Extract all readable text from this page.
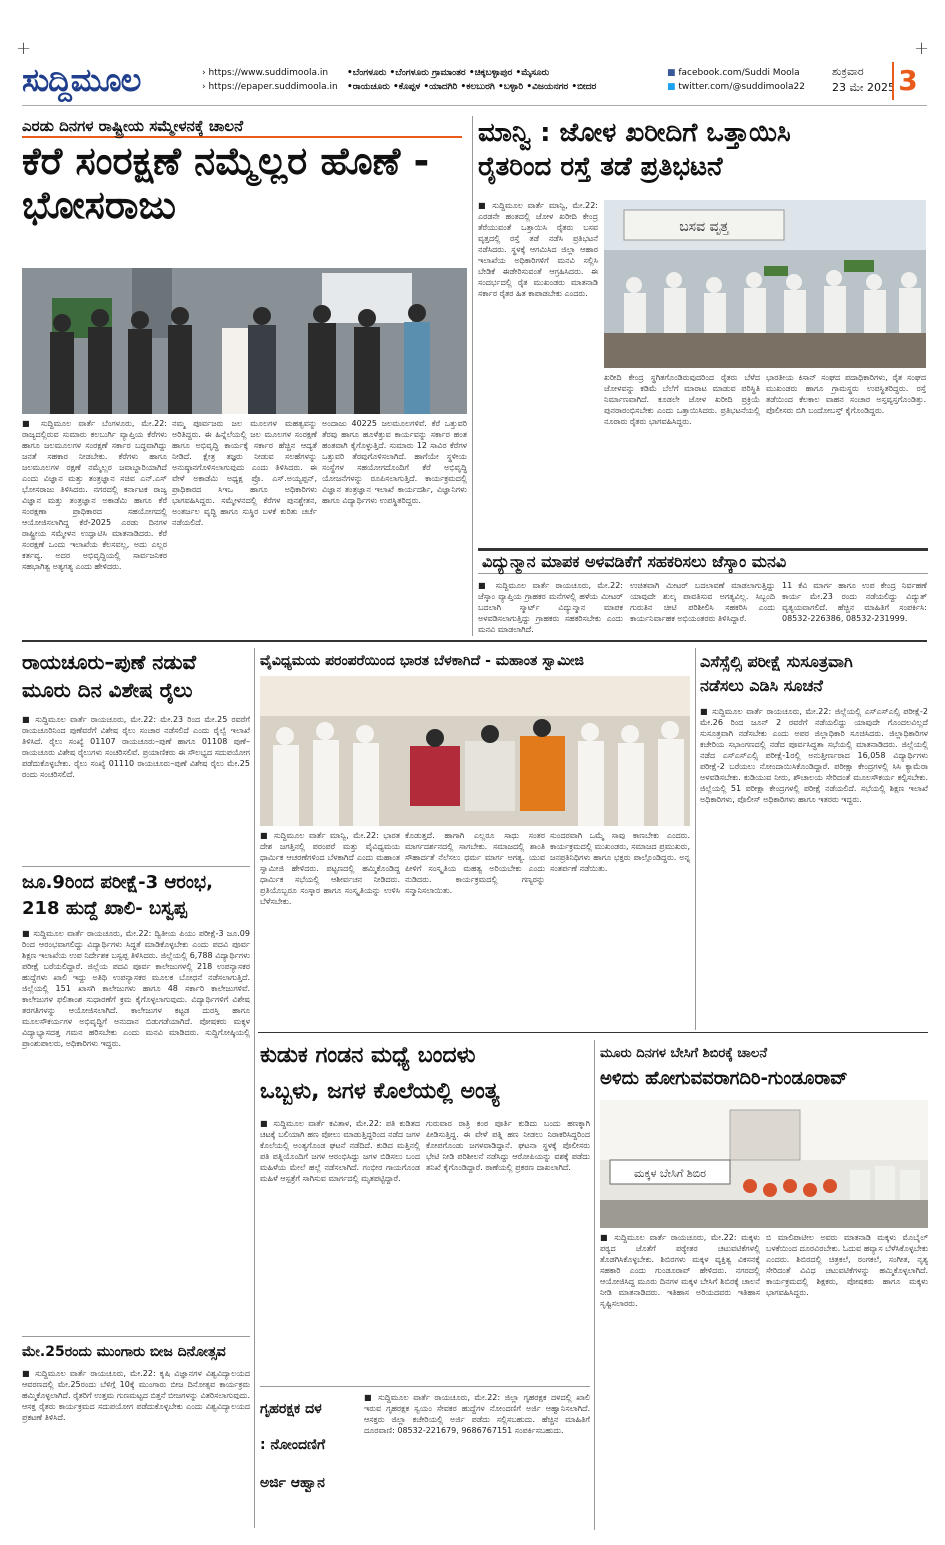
+	+
ಸುದ್ದಿಮೂಲ	› https://www.suddimoola.in
› https://epaper.suddimoola.in
•ಬೆಂಗಳೂರು •ಬೆಂಗಳೂರು ಗ್ರಾಮಾಂತರ •ಚಿಕ್ಕಬಳ್ಳಾಪುರ •ಮೈಸೂರು
•ರಾಯಚೂರು •ಕೊಪ್ಪಳ •ಯಾದಗಿರಿ •ಕಲಬುರಗಿ •ಬಳ್ಳಾರಿ •ವಿಜಯನಗರ •ಬೀದರ
■ facebook.com/Suddi Moola
■ twitter.com/@suddimoola22
ಶುಕ್ರವಾರ
23 ಮೇ 2025 3
ಎರಡು ದಿನಗಳ ರಾಷ್ಟ್ರೀಯ ಸಮ್ಮೇಳನಕ್ಕೆ ಚಾಲನೆ
ಕೆರೆ ಸಂರಕ್ಷಣೆ ನಮ್ಮೆಲ್ಲರ ಹೊಣೆ - ಭೋಸರಾಜು
■ ಸುದ್ದಿಮೂಲ ವಾರ್ತೆ ಬೆಂಗಳೂರು, ಮೇ.22: ರಾಜ್ಯದಲ್ಲಿರುವ ಸುಮಾರು ಕಲಬುರ್ಗಿ ವ್ಯಾಪ್ತಿಯ ಕೆರೆಗಳು ಹಾಗೂ ಜಲಮೂಲಗಳ ಸಂರಕ್ಷಣೆ ಸರ್ಕಾರ ಬದ್ಧವಾಗಿದ್ದು ಜನತೆ ಸಹಕಾರ ನೀಡಬೇಕು. ಕೆರೆಗಳು ಹಾಗೂ ಜಲಮೂಲಗಳ ರಕ್ಷಣೆ ನಮ್ಮೆಲ್ಲರ ಜವಾಬ್ದಾರಿಯಾಗಿದೆ ಎಂದು ವಿಜ್ಞಾನ ಮತ್ತು ತಂತ್ರಜ್ಞಾನ ಸಚಿವ ಎನ್.ಎಸ್ ಭೋಸರಾಜು ತಿಳಿಸಿದರು. ನಗರದಲ್ಲಿ ಕರ್ನಾಟಕ ರಾಜ್ಯ ವಿಜ್ಞಾನ ಮತ್ತು ತಂತ್ರಜ್ಞಾನ ಅಕಾಡೆಮಿ ಹಾಗೂ ಕೆರೆ ಸಂರಕ್ಷಣಾ ಪ್ರಾಧಿಕಾರದ ಸಹಯೋಗದಲ್ಲಿ ಆಯೋಜಿಸಲಾಗಿದ್ದ ಕೆರೆ-2025 ಎರಡು ದಿನಗಳ ರಾಷ್ಟ್ರೀಯ ಸಮ್ಮೇಳನ ಉದ್ಘಾಟಿಸಿ ಮಾತನಾಡಿದರು. ಕೆರೆ ಸಂರಕ್ಷಣೆ ಒಂದು ಇಲಾಖೆಯ ಕೆಲಸವಲ್ಲ, ಅದು ಎಲ್ಲರ ಕರ್ತವ್ಯ. ಅದರ ಅಭಿವೃದ್ಧಿಯಲ್ಲಿ ಸಾರ್ವಜನಿಕರ ಸಹಭಾಗಿತ್ವ ಅತ್ಯಗತ್ಯ ಎಂದು ಹೇಳಿದರು.
ನಮ್ಮ ಪೂರ್ವಜರು ಜಲ ಮೂಲಗಳ ಮಹತ್ವವನ್ನು ಅರಿತಿದ್ದರು. ಈ ಹಿನ್ನೆಲೆಯಲ್ಲಿ ಜಲ ಮೂಲಗಳ ಸಂರಕ್ಷಣೆ ಹಾಗೂ ಅಭಿವೃದ್ಧಿ ಕಾರ್ಯಕ್ಕೆ ಸರ್ಕಾರ ಹೆಚ್ಚಿನ ಆದ್ಯತೆ ನೀಡಿದೆ. ಕ್ಷೇತ್ರ ತಜ್ಞರು ನೀಡುವ ಸಲಹೆಗಳನ್ನು ಅನುಷ್ಠಾನಗೊಳಿಸಲಾಗುವುದು ಎಂದು ತಿಳಿಸಿದರು. ಈ ವೇಳೆ ಅಕಾಡೆಮಿ ಅಧ್ಯಕ್ಷ ಪ್ರೊ. ಎಸ್.ಅಯ್ಯಪ್ಪನ್, ಪ್ರಾಧಿಕಾರದ ಸಿಇಒ ಹಾಗೂ ಅಧಿಕಾರಿಗಳು ಭಾಗವಹಿಸಿದ್ದರು. ಸಮ್ಮೇಳನದಲ್ಲಿ ಕೆರೆಗಳ ಪುನಶ್ಚೇತನ, ಅಂತರ್ಜಲ ವೃದ್ಧಿ ಹಾಗೂ ಸುಸ್ಥಿರ ಬಳಕೆ ಕುರಿತು ಚರ್ಚೆ ನಡೆಯಲಿದೆ.
ಅಂದಾಜು 40225 ಜಲಮೂಲಗಳಿವೆ. ಕೆರೆ ಒತ್ತುವರಿ ತೆರವು ಹಾಗೂ ಹೂಳೆತ್ತುವ ಕಾರ್ಯವನ್ನು ಸರ್ಕಾರ ಹಂತ ಹಂತವಾಗಿ ಕೈಗೊಳ್ಳುತ್ತಿದೆ. ಸುಮಾರು 12 ಸಾವಿರ ಕೆರೆಗಳ ಒತ್ತುವರಿ ತೆರವುಗೊಳಿಸಲಾಗಿದೆ. ಹಾಗೆಯೇ ಸ್ಥಳೀಯ ಸಂಸ್ಥೆಗಳ ಸಹಯೋಗದೊಂದಿಗೆ ಕೆರೆ ಅಭಿವೃದ್ಧಿ ಯೋಜನೆಗಳನ್ನು ರೂಪಿಸಲಾಗುತ್ತಿದೆ. ಕಾರ್ಯಕ್ರಮದಲ್ಲಿ ವಿಜ್ಞಾನ ತಂತ್ರಜ್ಞಾನ ಇಲಾಖೆ ಕಾರ್ಯದರ್ಶಿ, ವಿಜ್ಞಾನಿಗಳು ಹಾಗೂ ವಿದ್ಯಾರ್ಥಿಗಳು ಉಪಸ್ಥಿತರಿದ್ದರು.
ಮಾನ್ವಿ : ಜೋಳ ಖರೀದಿಗೆ ಒತ್ತಾಯಿಸಿ
ರೈತರಿಂದ ರಸ್ತೆ ತಡೆ ಪ್ರತಿಭಟನೆ
■ ಸುದ್ದಿಮೂಲ ವಾರ್ತೆ ಮಾನ್ವಿ, ಮೇ.22: ಎರಡನೇ ಹಂತದಲ್ಲಿ ಜೋಳ ಖರೀದಿ ಕೇಂದ್ರ ತೆರೆಯುವಂತೆ ಒತ್ತಾಯಿಸಿ ರೈತರು ಬಸವ ವೃತ್ತದಲ್ಲಿ ರಸ್ತೆ ತಡೆ ನಡೆಸಿ ಪ್ರತಿಭಟನೆ ನಡೆಸಿದರು. ಸ್ಥಳಕ್ಕೆ ಆಗಮಿಸಿದ ಜಿಲ್ಲಾ ಆಹಾರ ಇಲಾಖೆಯ ಅಧಿಕಾರಿಗಳಿಗೆ ಮನವಿ ಸಲ್ಲಿಸಿ ಬೇಡಿಕೆ ಈಡೇರಿಸುವಂತೆ ಆಗ್ರಹಿಸಿದರು. ಈ ಸಂದರ್ಭದಲ್ಲಿ ರೈತ ಮುಖಂಡರು ಮಾತನಾಡಿ ಸರ್ಕಾರ ರೈತರ ಹಿತ ಕಾಪಾಡಬೇಕು ಎಂದರು.
ಬಸವ ವೃತ್ತ
ಖರೀದಿ ಕೇಂದ್ರ ಸ್ಥಗಿತಗೊಂಡಿರುವುದರಿಂದ ರೈತರು ಬೆಳೆದ ಜೋಳವನ್ನು ಕಡಿಮೆ ಬೆಲೆಗೆ ಮಾರಾಟ ಮಾಡುವ ಪರಿಸ್ಥಿತಿ ನಿರ್ಮಾಣವಾಗಿದೆ. ಕೂಡಲೇ ಜೋಳ ಖರೀದಿ ಪ್ರಕ್ರಿಯೆ ಪುನರಾರಂಭಿಸಬೇಕು ಎಂದು ಒತ್ತಾಯಿಸಿದರು. ಪ್ರತಿಭಟನೆಯಲ್ಲಿ ನೂರಾರು ರೈತರು ಭಾಗವಹಿಸಿದ್ದರು.
ಭಾರತೀಯ ಕಿಸಾನ್ ಸಂಘದ ಪದಾಧಿಕಾರಿಗಳು, ರೈತ ಸಂಘದ ಮುಖಂಡರು ಹಾಗೂ ಗ್ರಾಮಸ್ಥರು ಉಪಸ್ಥಿತರಿದ್ದರು. ರಸ್ತೆ ತಡೆಯಿಂದ ಕೆಲಕಾಲ ವಾಹನ ಸಂಚಾರ ಅಸ್ತವ್ಯಸ್ತಗೊಂಡಿತ್ತು. ಪೊಲೀಸರು ಬಿಗಿ ಬಂದೋಬಸ್ತ್ ಕೈಗೊಂಡಿದ್ದರು.
ವಿದ್ಯುನ್ಮಾನ ಮಾಪಕ ಅಳವಡಿಕೆಗೆ ಸಹಕರಿಸಲು ಜೆಸ್ಕಾಂ ಮನವಿ
■ ಸುದ್ದಿಮೂಲ ವಾರ್ತೆ ರಾಯಚೂರು, ಮೇ.22: ಜೆಸ್ಕಾಂ ವ್ಯಾಪ್ತಿಯ ಗ್ರಾಹಕರ ಮನೆಗಳಲ್ಲಿ ಹಳೆಯ ಮೀಟರ್ ಬದಲಾಗಿ ಸ್ಮಾರ್ಟ್ ವಿದ್ಯುನ್ಮಾನ ಮಾಪಕ ಅಳವಡಿಸಲಾಗುತ್ತಿದ್ದು ಗ್ರಾಹಕರು ಸಹಕರಿಸಬೇಕು ಎಂದು ಮನವಿ ಮಾಡಲಾಗಿದೆ.
ಉಚಿತವಾಗಿ ಮೀಟರ್ ಬದಲಾವಣೆ ಮಾಡಲಾಗುತ್ತಿದ್ದು ಯಾವುದೇ ಶುಲ್ಕ ಪಾವತಿಸುವ ಅಗತ್ಯವಿಲ್ಲ. ಸಿಬ್ಬಂದಿ ಗುರುತಿನ ಚೀಟಿ ಪರಿಶೀಲಿಸಿ ಸಹಕರಿಸಿ ಎಂದು ಕಾರ್ಯನಿರ್ವಾಹಕ ಅಭಿಯಂತರರು ತಿಳಿಸಿದ್ದಾರೆ.
11 ಕೆವಿ ಮಾರ್ಗ ಹಾಗೂ ಉಪ ಕೇಂದ್ರ ನಿರ್ವಹಣೆ ಕಾರ್ಯ ಮೇ.23 ರಂದು ನಡೆಯಲಿದ್ದು ವಿದ್ಯುತ್ ವ್ಯತ್ಯಯವಾಗಲಿದೆ. ಹೆಚ್ಚಿನ ಮಾಹಿತಿಗೆ ಸಂಪರ್ಕಿಸಿ: 08532-226386, 08532-231999.
ರಾಯಚೂರು–ಪುಣೆ ನಡುವೆ
ಮೂರು ದಿನ ವಿಶೇಷ ರೈಲು
■ ಸುದ್ದಿಮೂಲ ವಾರ್ತೆ ರಾಯಚೂರು, ಮೇ.22: ಮೇ.23 ರಿಂದ ಮೇ.25 ರವರೆಗೆ ರಾಯಚೂರಿನಿಂದ ಪುಣೆವರೆಗೆ ವಿಶೇಷ ರೈಲು ಸಂಚಾರ ನಡೆಸಲಿದೆ ಎಂದು ರೈಲ್ವೆ ಇಲಾಖೆ ತಿಳಿಸಿದೆ. ರೈಲು ಸಂಖ್ಯೆ 01107 ರಾಯಚೂರು–ಪುಣೆ ಹಾಗೂ 01108 ಪುಣೆ–ರಾಯಚೂರು ವಿಶೇಷ ರೈಲುಗಳು ಸಂಚರಿಸಲಿವೆ. ಪ್ರಯಾಣಿಕರು ಈ ಸೌಲಭ್ಯದ ಸದುಪಯೋಗ ಪಡೆದುಕೊಳ್ಳಬೇಕು. ರೈಲು ಸಂಖ್ಯೆ 01110 ರಾಯಚೂರು–ಪುಣೆ ವಿಶೇಷ ರೈಲು ಮೇ.25 ರಂದು ಸಂಚರಿಸಲಿದೆ.
ಜೂ.9ರಿಂದ ಪರೀಕ್ಷೆ-3 ಆರಂಭ,
218 ಹುದ್ದೆ ಖಾಲಿ- ಬಸ್ವಪ್ಪ
■ ಸುದ್ದಿಮೂಲ ವಾರ್ತೆ ರಾಯಚೂರು, ಮೇ.22: ದ್ವಿತೀಯ ಪಿಯು ಪರೀಕ್ಷೆ-3 ಜೂ.09 ರಿಂದ ಆರಂಭವಾಗಲಿದ್ದು ವಿದ್ಯಾರ್ಥಿಗಳು ಸಿದ್ಧತೆ ಮಾಡಿಕೊಳ್ಳಬೇಕು ಎಂದು ಪದವಿ ಪೂರ್ವ ಶಿಕ್ಷಣ ಇಲಾಖೆಯ ಉಪ ನಿರ್ದೇಶಕ ಬಸ್ವಪ್ಪ ತಿಳಿಸಿದರು. ಜಿಲ್ಲೆಯಲ್ಲಿ 6,788 ವಿದ್ಯಾರ್ಥಿಗಳು ಪರೀಕ್ಷೆ ಬರೆಯಲಿದ್ದಾರೆ. ಜಿಲ್ಲೆಯ ಪದವಿ ಪೂರ್ವ ಕಾಲೇಜುಗಳಲ್ಲಿ 218 ಉಪನ್ಯಾಸಕರ ಹುದ್ದೆಗಳು ಖಾಲಿ ಇದ್ದು ಅತಿಥಿ ಉಪನ್ಯಾಸಕರ ಮೂಲಕ ಬೋಧನೆ ನಡೆಸಲಾಗುತ್ತಿದೆ. ಜಿಲ್ಲೆಯಲ್ಲಿ 151 ಖಾಸಗಿ ಕಾಲೇಜುಗಳು ಹಾಗೂ 48 ಸರ್ಕಾರಿ ಕಾಲೇಜುಗಳಿವೆ. ಕಾಲೇಜುಗಳ ಫಲಿತಾಂಶ ಸುಧಾರಣೆಗೆ ಕ್ರಮ ಕೈಗೊಳ್ಳಲಾಗುವುದು. ವಿದ್ಯಾರ್ಥಿಗಳಿಗೆ ವಿಶೇಷ ತರಗತಿಗಳನ್ನು ಆಯೋಜಿಸಲಾಗಿದೆ. ಕಾಲೇಜುಗಳ ಕಟ್ಟಡ ದುರಸ್ತಿ ಹಾಗೂ ಮೂಲಸೌಕರ್ಯಗಳ ಅಭಿವೃದ್ಧಿಗೆ ಅನುದಾನ ಬಿಡುಗಡೆಯಾಗಿದೆ. ಪೋಷಕರು ಮಕ್ಕಳ ವಿದ್ಯಾಭ್ಯಾಸದತ್ತ ಗಮನ ಹರಿಸಬೇಕು ಎಂದು ಮನವಿ ಮಾಡಿದರು. ಸುದ್ದಿಗೋಷ್ಠಿಯಲ್ಲಿ ಪ್ರಾಂಶುಪಾಲರು, ಅಧಿಕಾರಿಗಳು ಇದ್ದರು.
ಮೇ.25ರಂದು ಮುಂಗಾರು ಬೀಜ ದಿನೋತ್ಸವ
■ ಸುದ್ದಿಮೂಲ ವಾರ್ತೆ ರಾಯಚೂರು, ಮೇ.22: ಕೃಷಿ ವಿಜ್ಞಾನಗಳ ವಿಶ್ವವಿದ್ಯಾಲಯದ ಆವರಣದಲ್ಲಿ ಮೇ.25ರಂದು ಬೆಳಿಗ್ಗೆ 10ಕ್ಕೆ ಮುಂಗಾರು ಬೀಜ ದಿನೋತ್ಸವ ಕಾರ್ಯಕ್ರಮ ಹಮ್ಮಿಕೊಳ್ಳಲಾಗಿದೆ. ರೈತರಿಗೆ ಉತ್ತಮ ಗುಣಮಟ್ಟದ ಬಿತ್ತನೆ ಬೀಜಗಳನ್ನು ವಿತರಿಸಲಾಗುವುದು. ಆಸಕ್ತ ರೈತರು ಕಾರ್ಯಕ್ರಮದ ಸದುಪಯೋಗ ಪಡೆದುಕೊಳ್ಳಬೇಕು ಎಂದು ವಿಶ್ವವಿದ್ಯಾಲಯದ ಪ್ರಕಟಣೆ ತಿಳಿಸಿದೆ.
ವೈವಿಧ್ಯಮಯ ಪರಂಪರೆಯಿಂದ ಭಾರತ ಬೆಳಕಾಗಿದೆ - ಮಹಾಂತ ಸ್ವಾಮೀಜಿ
■ ಸುದ್ದಿಮೂಲ ವಾರ್ತೆ ಮಾನ್ವಿ, ಮೇ.22: ಭಾರತ ದೇಶ ಜಗತ್ತಿನಲ್ಲಿ ಪರಂಪರೆ ಮತ್ತು ವೈವಿಧ್ಯಮಯ ಧಾರ್ಮಿಕ ಆಚರಣೆಗಳಿಂದ ಬೆಳಕಾಗಿದೆ ಎಂದು ಮಹಾಂತ ಸ್ವಾಮೀಜಿ ಹೇಳಿದರು. ಪಟ್ಟಣದಲ್ಲಿ ಹಮ್ಮಿಕೊಂಡಿದ್ದ ಧಾರ್ಮಿಕ ಸಭೆಯಲ್ಲಿ ಆಶೀರ್ವಚನ ನೀಡಿದರು. ಪ್ರತಿಯೊಬ್ಬರೂ ಸಂಸ್ಕಾರ ಹಾಗೂ ಸಂಸ್ಕೃತಿಯನ್ನು ಉಳಿಸಿ ಬೆಳೆಸಬೇಕು.
ಕೊಡುತ್ತದೆ. ಹಾಗಾಗಿ ಎಲ್ಲರೂ ಸಾಧು ಸಂತರ ಮಾರ್ಗದರ್ಶನದಲ್ಲಿ ಸಾಗಬೇಕು. ಸಮಾಜದಲ್ಲಿ ಶಾಂತಿ ಸೌಹಾರ್ದತೆ ನೆಲೆಸಲು ಧರ್ಮ ಮಾರ್ಗ ಅಗತ್ಯ. ಯುವ ಪೀಳಿಗೆ ಸಂಸ್ಕೃತಿಯ ಮಹತ್ವ ಅರಿಯಬೇಕು ಎಂದು ನುಡಿದರು. ಕಾರ್ಯಕ್ರಮದಲ್ಲಿ ಗಣ್ಯರನ್ನು ಸನ್ಮಾನಿಸಲಾಯಿತು.
ಸುಂದರವಾಗಿ ಒಮ್ಮೆ ಸಾವು ಕಾಣಬೇಕು ಎಂದರು. ಕಾರ್ಯಕ್ರಮದಲ್ಲಿ ಮುಖಂಡರು, ಸಮಾಜದ ಪ್ರಮುಖರು, ಜನಪ್ರತಿನಿಧಿಗಳು ಹಾಗೂ ಭಕ್ತರು ಪಾಲ್ಗೊಂಡಿದ್ದರು. ಅನ್ನ ಸಂತರ್ಪಣೆ ನಡೆಯಿತು.
ಎಸೆಸ್ಸೆಲ್ಸಿ ಪರೀಕ್ಷೆ ಸುಸೂತ್ರವಾಗಿ
ನಡೆಸಲು ಎಡಿಸಿ ಸೂಚನೆ
■ ಸುದ್ದಿಮೂಲ ವಾರ್ತೆ ರಾಯಚೂರು, ಮೇ.22: ಜಿಲ್ಲೆಯಲ್ಲಿ ಎಸ್ಎಸ್ಎಲ್ಸಿ ಪರೀಕ್ಷೆ-2 ಮೇ.26 ರಿಂದ ಜೂನ್ 2 ರವರೆಗೆ ನಡೆಯಲಿದ್ದು ಯಾವುದೇ ಗೊಂದಲವಿಲ್ಲದೆ ಸುಸೂತ್ರವಾಗಿ ನಡೆಸಬೇಕು ಎಂದು ಅಪರ ಜಿಲ್ಲಾಧಿಕಾರಿ ಸೂಚಿಸಿದರು. ಜಿಲ್ಲಾಧಿಕಾರಿಗಳ ಕಚೇರಿಯ ಸಭಾಂಗಣದಲ್ಲಿ ನಡೆದ ಪೂರ್ವಸಿದ್ಧತಾ ಸಭೆಯಲ್ಲಿ ಮಾತನಾಡಿದರು. ಜಿಲ್ಲೆಯಲ್ಲಿ ನಡೆದ ಎಸ್ಎಸ್ಎಲ್ಸಿ ಪರೀಕ್ಷೆ-1ರಲ್ಲಿ ಅನುತ್ತೀರ್ಣರಾದ 16,058 ವಿದ್ಯಾರ್ಥಿಗಳು ಪರೀಕ್ಷೆ-2 ಬರೆಯಲು ನೋಂದಾಯಿಸಿಕೊಂಡಿದ್ದಾರೆ. ಪರೀಕ್ಷಾ ಕೇಂದ್ರಗಳಲ್ಲಿ ಸಿಸಿ ಕ್ಯಾಮೆರಾ ಅಳವಡಿಸಬೇಕು. ಕುಡಿಯುವ ನೀರು, ಶೌಚಾಲಯ ಸೇರಿದಂತೆ ಮೂಲಸೌಕರ್ಯ ಕಲ್ಪಿಸಬೇಕು. ಜಿಲ್ಲೆಯಲ್ಲಿ 51 ಪರೀಕ್ಷಾ ಕೇಂದ್ರಗಳಲ್ಲಿ ಪರೀಕ್ಷೆ ನಡೆಯಲಿದೆ. ಸಭೆಯಲ್ಲಿ ಶಿಕ್ಷಣ ಇಲಾಖೆ ಅಧಿಕಾರಿಗಳು, ಪೊಲೀಸ್ ಅಧಿಕಾರಿಗಳು ಹಾಗೂ ಇತರರು ಇದ್ದರು.
ಕುಡುಕ ಗಂಡನ ಮಧ್ಯೆ ಬಂದಳು
ಒಬ್ಬಳು, ಜಗಳ ಕೊಲೆಯಲ್ಲಿ ಅಂತ್ಯ
■ ಸುದ್ದಿಮೂಲ ವಾರ್ತೆ ಕವಿತಾಳ, ಮೇ.22: ಪತಿ ಕುಡಿತದ ಚಟಕ್ಕೆ ಬಲಿಯಾಗಿ ಹಣ ಪೋಲು ಮಾಡುತ್ತಿದ್ದರಿಂದ ನಡೆದ ಜಗಳ ಕೊಲೆಯಲ್ಲಿ ಅಂತ್ಯಗೊಂಡ ಘಟನೆ ನಡೆದಿದೆ. ಕುಡಿದ ಮತ್ತಿನಲ್ಲಿ ಪತಿ ಪತ್ನಿಯೊಂದಿಗೆ ಜಗಳ ಆರಂಭಿಸಿದ್ದು ಜಗಳ ಬಿಡಿಸಲು ಬಂದ ಮಹಿಳೆಯ ಮೇಲೆ ಹಲ್ಲೆ ನಡೆಸಲಾಗಿದೆ. ಗಂಭೀರ ಗಾಯಗೊಂಡ ಮಹಿಳೆ ಆಸ್ಪತ್ರೆಗೆ ಸಾಗಿಸುವ ಮಾರ್ಗದಲ್ಲಿ ಮೃತಪಟ್ಟಿದ್ದಾರೆ.
ಗುರುವಾರ ರಾತ್ರಿ ಕಂಠ ಪೂರ್ತಿ ಕುಡಿದು ಬಂದು ಹಣಕ್ಕಾಗಿ ಪೀಡಿಸುತ್ತಿದ್ದ. ಈ ವೇಳೆ ಪತ್ನಿ ಹಣ ನೀಡಲು ನಿರಾಕರಿಸಿದ್ದರಿಂದ ಕೋಪಗೊಂಡು ಜಗಳವಾಡಿದ್ದಾನೆ. ಘಟನಾ ಸ್ಥಳಕ್ಕೆ ಪೊಲೀಸರು ಭೇಟಿ ನೀಡಿ ಪರಿಶೀಲನೆ ನಡೆಸಿದ್ದು ಆರೋಪಿಯನ್ನು ವಶಕ್ಕೆ ಪಡೆದು ತನಿಖೆ ಕೈಗೊಂಡಿದ್ದಾರೆ. ಠಾಣೆಯಲ್ಲಿ ಪ್ರಕರಣ ದಾಖಲಾಗಿದೆ.
ಗೃಹರಕ್ಷಕ ದಳ
: ನೋಂದಣಿಗೆ
ಅರ್ಜಿ ಆಹ್ವಾನ
■ ಸುದ್ದಿಮೂಲ ವಾರ್ತೆ ರಾಯಚೂರು, ಮೇ.22: ಜಿಲ್ಲಾ ಗೃಹರಕ್ಷಕ ದಳದಲ್ಲಿ ಖಾಲಿ ಇರುವ ಗೃಹರಕ್ಷಕ ಸ್ವಯಂ ಸೇವಕರ ಹುದ್ದೆಗಳ ನೋಂದಣಿಗೆ ಅರ್ಜಿ ಆಹ್ವಾನಿಸಲಾಗಿದೆ. ಆಸಕ್ತರು ಜಿಲ್ಲಾ ಕಚೇರಿಯಲ್ಲಿ ಅರ್ಜಿ ಪಡೆದು ಸಲ್ಲಿಸಬಹುದು. ಹೆಚ್ಚಿನ ಮಾಹಿತಿಗೆ ದೂರವಾಣಿ: 08532-221679, 9686767151 ಸಂಪರ್ಕಿಸಬಹುದು.
ಮೂರು ದಿನಗಳ ಬೇಸಿಗೆ ಶಿಬಿರಕ್ಕೆ ಚಾಲನೆ
ಅಳಿದು ಹೋಗುವವರಾಗದಿರಿ-ಗುಂಡೂರಾವ್
ಮಕ್ಕಳ ಬೇಸಿಗೆ ಶಿಬಿರ
■ ಸುದ್ದಿಮೂಲ ವಾರ್ತೆ ರಾಯಚೂರು, ಮೇ.22: ಮಕ್ಕಳು ಪಠ್ಯದ ಜೊತೆಗೆ ಪಠ್ಯೇತರ ಚಟುವಟಿಕೆಗಳಲ್ಲಿ ತೊಡಗಿಸಿಕೊಳ್ಳಬೇಕು. ಶಿಬಿರಗಳು ಮಕ್ಕಳ ವ್ಯಕ್ತಿತ್ವ ವಿಕಸನಕ್ಕೆ ಸಹಕಾರಿ ಎಂದು ಗುಂಡೂರಾವ್ ಹೇಳಿದರು. ನಗರದಲ್ಲಿ ಆಯೋಜಿಸಿದ್ದ ಮೂರು ದಿನಗಳ ಮಕ್ಕಳ ಬೇಸಿಗೆ ಶಿಬಿರಕ್ಕೆ ಚಾಲನೆ ನೀಡಿ ಮಾತನಾಡಿದರು. ಇತಿಹಾಸ ಅರಿಯದವರು ಇತಿಹಾಸ ಸೃಷ್ಟಿಸಲಾರರು.
ಬಿ ಮಾಲಿಪಾಟೀಲ ಅವರು ಮಾತನಾಡಿ ಮಕ್ಕಳು ಮೊಬೈಲ್ ಬಳಕೆಯಿಂದ ದೂರವಿರಬೇಕು. ಓದುವ ಹವ್ಯಾಸ ಬೆಳೆಸಿಕೊಳ್ಳಬೇಕು ಎಂದರು. ಶಿಬಿರದಲ್ಲಿ ಚಿತ್ರಕಲೆ, ರಂಗಕಲೆ, ಸಂಗೀತ, ನೃತ್ಯ ಸೇರಿದಂತೆ ವಿವಿಧ ಚಟುವಟಿಕೆಗಳನ್ನು ಹಮ್ಮಿಕೊಳ್ಳಲಾಗಿದೆ. ಕಾರ್ಯಕ್ರಮದಲ್ಲಿ ಶಿಕ್ಷಕರು, ಪೋಷಕರು ಹಾಗೂ ಮಕ್ಕಳು ಭಾಗವಹಿಸಿದ್ದರು.
